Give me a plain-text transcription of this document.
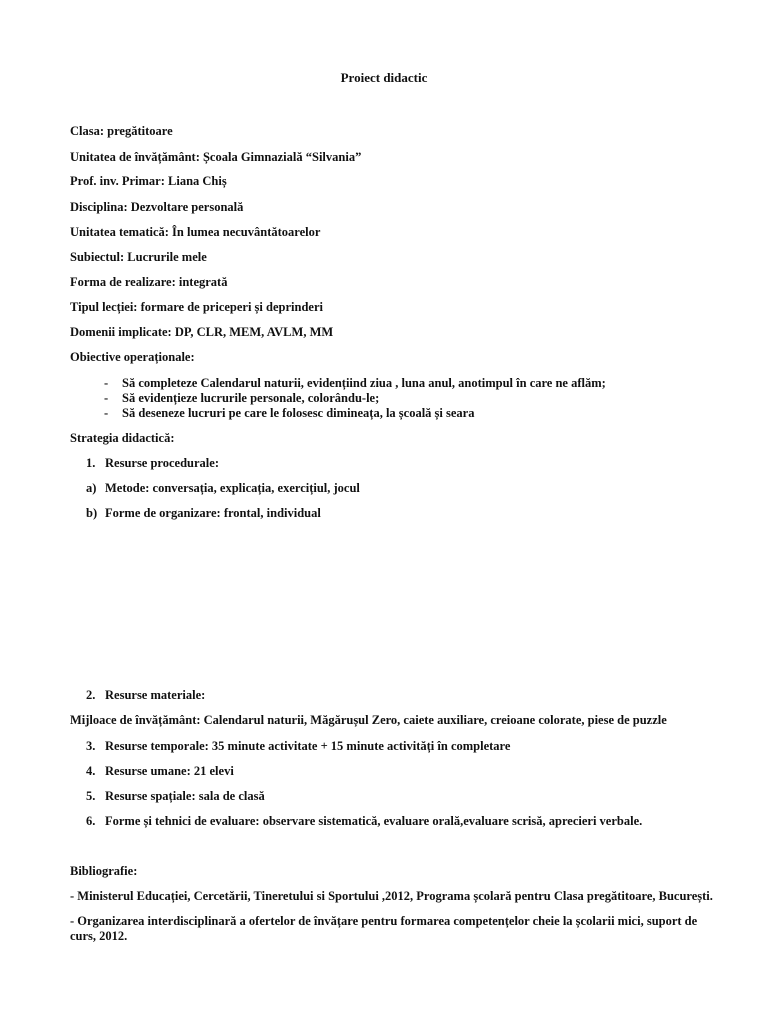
Proiect didactic
Clasa: pregătitoare
Unitatea de învățământ: Școala Gimnazială “Silvania”
Prof. inv. Primar: Liana Chiș
Disciplina: Dezvoltare personală
Unitatea tematică: În lumea necuvântătoarelor
Subiectul: Lucrurile mele
Forma de realizare: integrată
Tipul lecției: formare de priceperi și deprinderi
Domenii implicate: DP, CLR, MEM, AVLM, MM
Obiective operaționale:
- Să completeze Calendarul naturii, evidențiind ziua , luna anul, anotimpul în care ne aflăm;
- Să evidențieze lucrurile personale, colorându-le;
- Să deseneze lucruri pe care le folosesc dimineața, la școală și seara
Strategia didactică:
1. Resurse procedurale:
a) Metode: conversația, explicația, exercițiul, jocul
b) Forme de organizare: frontal, individual
2. Resurse materiale:
Mijloace de învățământ: Calendarul naturii, Măgărușul Zero, caiete auxiliare, creioane colorate, piese de puzzle
3. Resurse temporale: 35 minute activitate + 15 minute activități în completare
4. Resurse umane: 21 elevi
5. Resurse spațiale: sala de clasă
6. Forme și tehnici de evaluare: observare sistematică, evaluare orală,evaluare scrisă, aprecieri verbale.
Bibliografie:
- Ministerul Educației, Cercetării, Tineretului si Sportului ,2012, Programa școlară pentru Clasa pregătitoare, București.
- Organizarea interdisciplinară a ofertelor de învățare pentru formarea competențelor cheie la școlarii mici, suport de curs, 2012.
